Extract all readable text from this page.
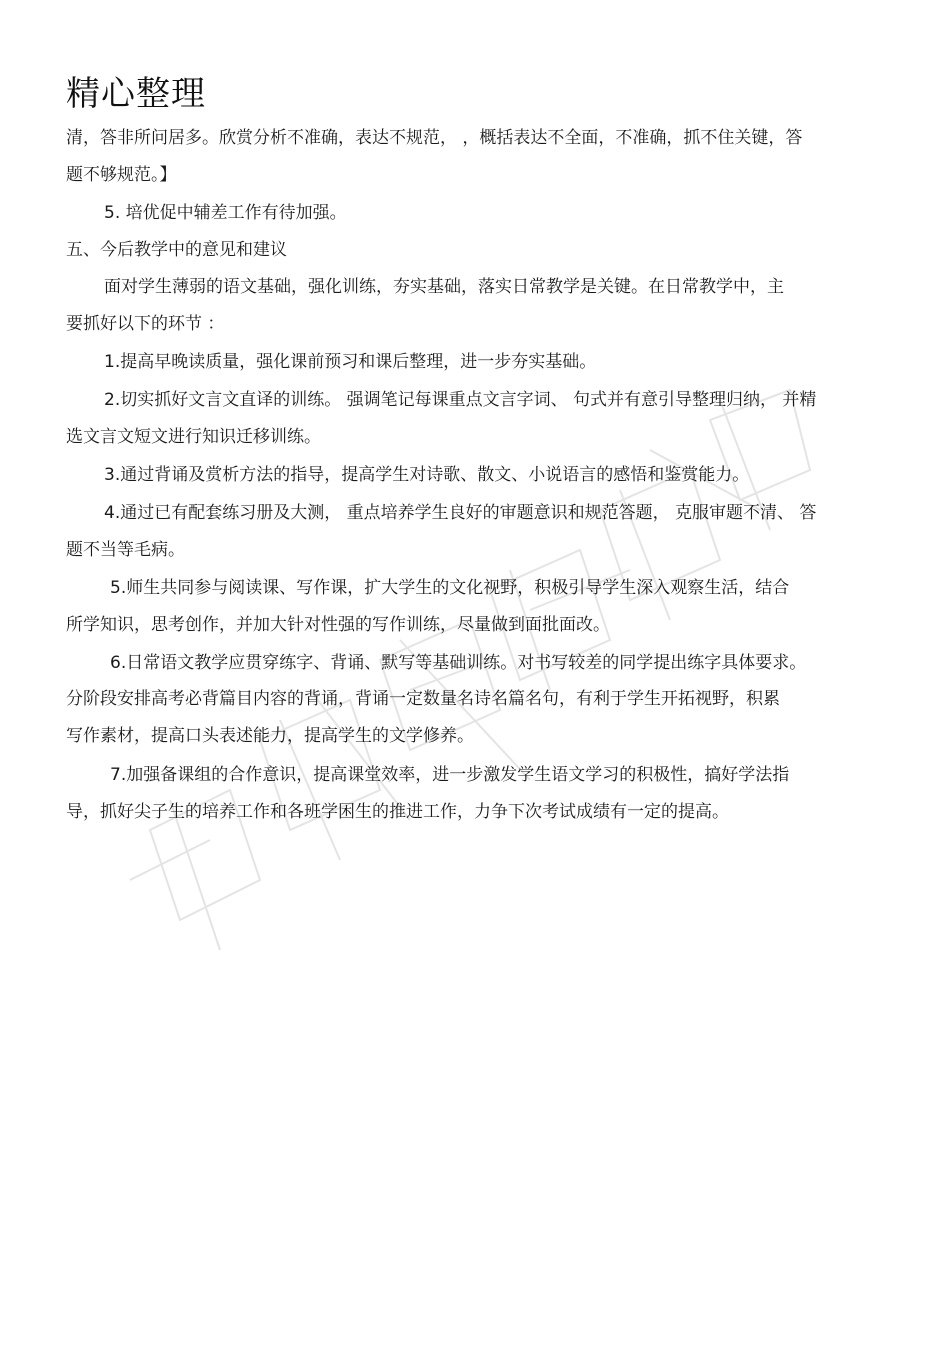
精心整理
清，答非所问居多。欣赏分析不准确，表达不规范， ，概括表达不全面，不准确，抓不住关键，答
题不够规范。】
5. 培优促中辅差工作有待加强。
五、今后教学中的意见和建议
面对学生薄弱的语文基础，强化训练，夯实基础，落实日常教学是关键。在日常教学中，主
要抓好以下的环节 ：
1.提高早晚读质量，强化课前预习和课后整理，进一步夯实基础。
2.切实抓好文言文直译的训练。 强调笔记每课重点文言字词、 句式并有意引导整理归纳， 并精
选文言文短文进行知识迁移训练。
3.通过背诵及赏析方法的指导，提高学生对诗歌、散文、小说语言的感悟和鉴赏能力。
4.通过已有配套练习册及大测， 重点培养学生良好的审题意识和规范答题， 克服审题不清、 答
题不当等毛病。
5.师生共同参与阅读课、写作课，扩大学生的文化视野，积极引导学生深入观察生活，结合
所学知识，思考创作，并加大针对性强的写作训练，尽量做到面批面改。
6.日常语文教学应贯穿练字、背诵、默写等基础训练。对书写较差的同学提出练字具体要求。
分阶段安排高考必背篇目内容的背诵，背诵一定数量名诗名篇名句，有利于学生开拓视野，积累
写作素材，提高口头表述能力，提高学生的文学修养。
7.加强备课组的合作意识，提高课堂效率，进一步激发学生语文学习的积极性，搞好学法指
导，抓好尖子生的培养工作和各班学困生的推进工作，力争下次考试成绩有一定的提高。
